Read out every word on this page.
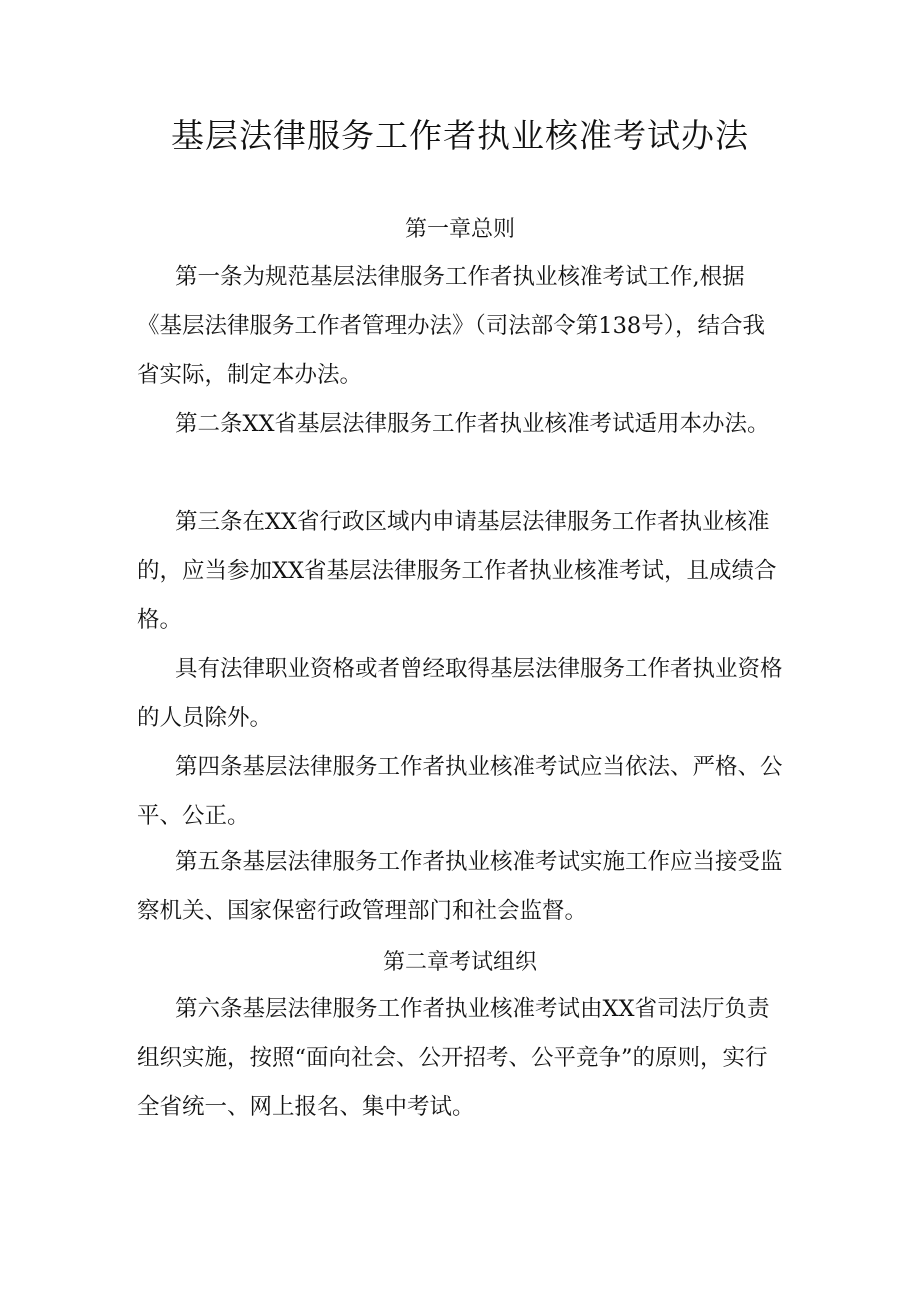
基层法律服务工作者执业核准考试办法
第一章总则

第一条为规范基层法律服务工作者执业核准考试工作,根据《基层法律服务工作者管理办法》（司法部令第138号），结合我省实际，制定本办法。

第二条XX省基层法律服务工作者执业核准考试适用本办法。

第三条在XX省行政区域内申请基层法律服务工作者执业核准的，应当参加XX省基层法律服务工作者执业核准考试，且成绩合格。

具有法律职业资格或者曾经取得基层法律服务工作者执业资格的人员除外。

第四条基层法律服务工作者执业核准考试应当依法、严格、公平、公正。

第五条基层法律服务工作者执业核准考试实施工作应当接受监察机关、国家保密行政管理部门和社会监督。

第二章考试组织

第六条基层法律服务工作者执业核准考试由XX省司法厅负责组织实施，按照“面向社会、公开招考、公平竞争”的原则，实行全省统一、网上报名、集中考试。
